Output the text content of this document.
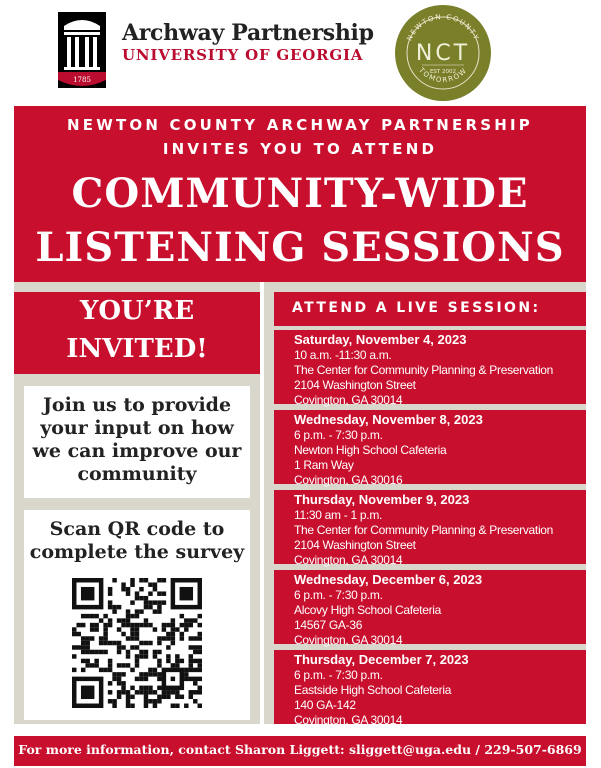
1785
Archway Partnership
UNIVERSITY OF GEORGIA
NEWTON COUNTY
NCT
EST 2002
TOMORROW
NEWTON COUNTY ARCHWAY PARTNERSHIP
INVITES YOU TO ATTEND
COMMUNITY-WIDE
LISTENING SESSIONS
YOU’RE
INVITED!
Join us to provide
your input on how
we can improve our
community
Scan QR code to
complete the survey
ATTEND A LIVE SESSION:
Saturday, November 4, 2023
10 a.m. -11:30 a.m.
The Center for Community Planning & Preservation
2104 Washington Street
Covington, GA 30014
Wednesday, November 8, 2023
6 p.m. - 7:30 p.m.
Newton High School Cafeteria
1 Ram Way
Covington, GA 30016
Thursday, November 9, 2023
11:30 am - 1 p.m.
The Center for Community Planning & Preservation
2104 Washington Street
Covington, GA 30014
Wednesday, December 6, 2023
6 p.m. - 7:30 p.m.
Alcovy High School Cafeteria
14567 GA-36
Covington, GA 30014
Thursday, December 7, 2023
6 p.m. - 7:30 p.m.
Eastside High School Cafeteria
140 GA-142
Covington, GA 30014
For more information, contact Sharon Liggett: sliggett@uga.edu / 229-507-6869
